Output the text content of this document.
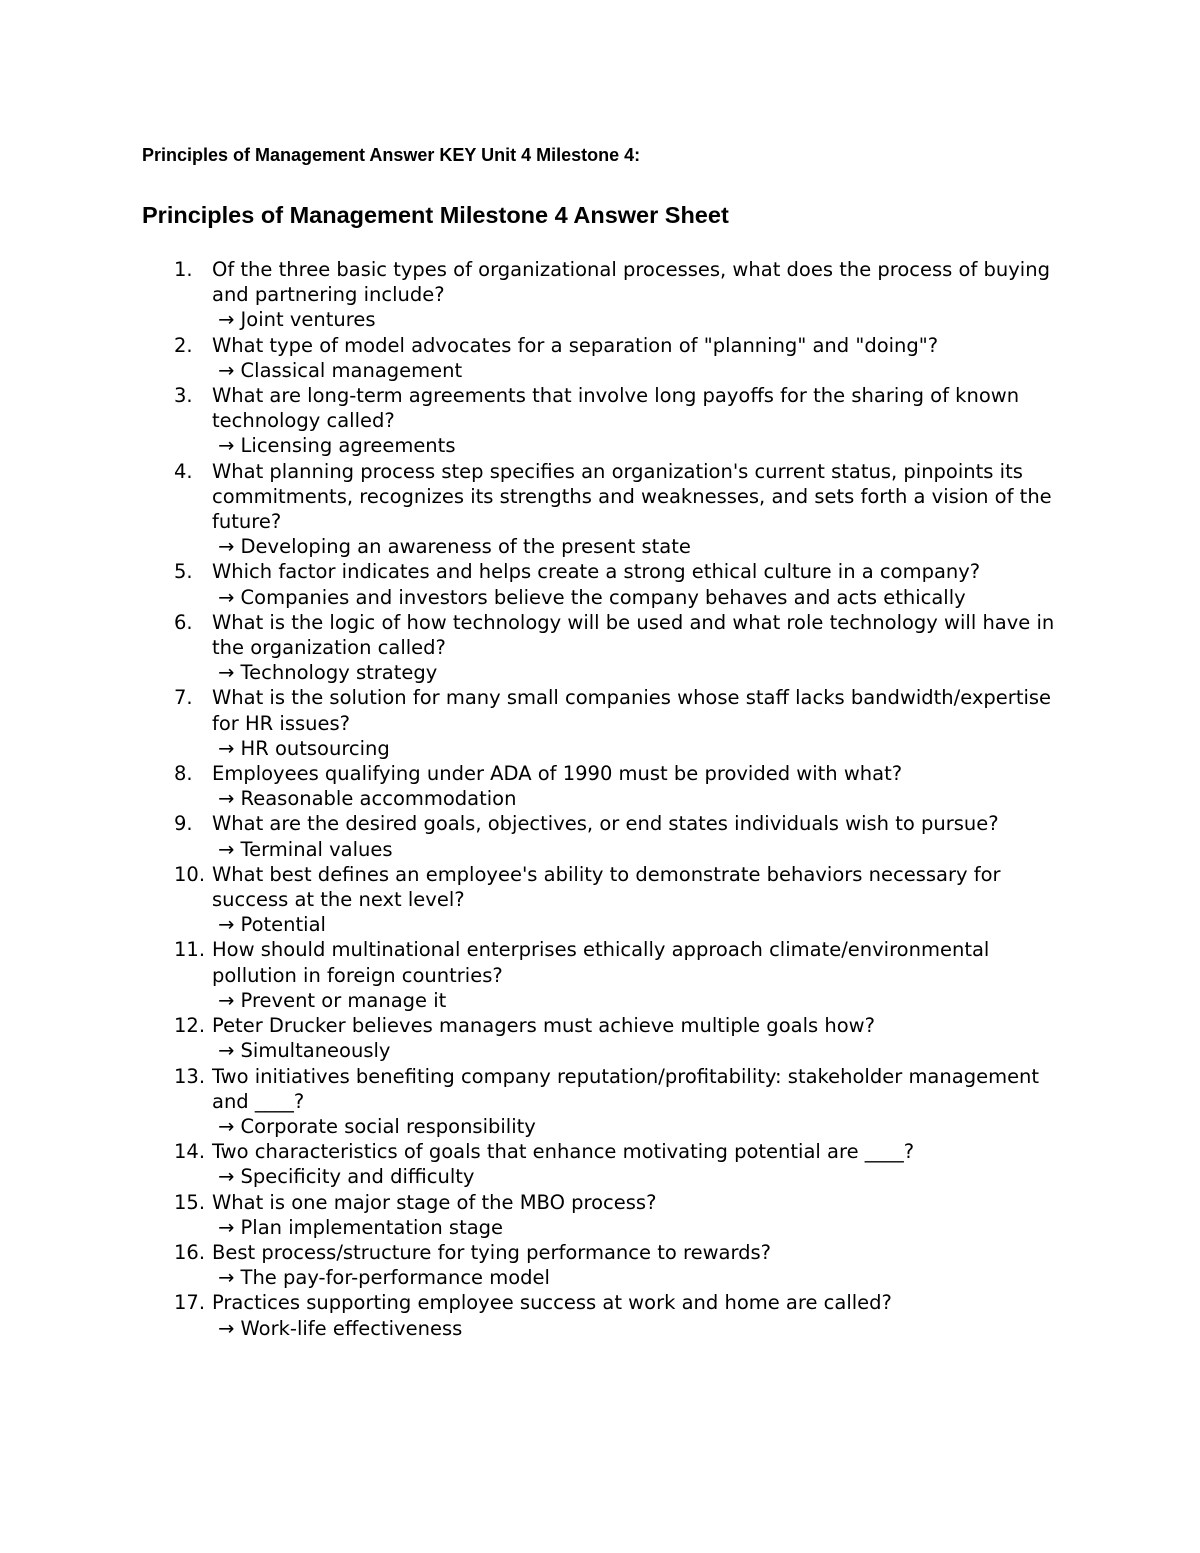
Principles of Management Answer KEY Unit 4 Milestone 4:
Principles of Management Milestone 4 Answer Sheet
1. Of the three basic types of organizational processes, what does the process of buying and partnering include?
→ Joint ventures
2. What type of model advocates for a separation of "planning" and "doing"?
→ Classical management
3. What are long-term agreements that involve long payoffs for the sharing of known technology called?
→ Licensing agreements
4. What planning process step specifies an organization's current status, pinpoints its commitments, recognizes its strengths and weaknesses, and sets forth a vision of the future?
→ Developing an awareness of the present state
5. Which factor indicates and helps create a strong ethical culture in a company?
→ Companies and investors believe the company behaves and acts ethically
6. What is the logic of how technology will be used and what role technology will have in the organization called?
→ Technology strategy
7. What is the solution for many small companies whose staff lacks bandwidth/expertise for HR issues?
→ HR outsourcing
8. Employees qualifying under ADA of 1990 must be provided with what?
→ Reasonable accommodation
9. What are the desired goals, objectives, or end states individuals wish to pursue?
→ Terminal values
10. What best defines an employee's ability to demonstrate behaviors necessary for success at the next level?
→ Potential
11. How should multinational enterprises ethically approach climate/environmental pollution in foreign countries?
→ Prevent or manage it
12. Peter Drucker believes managers must achieve multiple goals how?
→ Simultaneously
13. Two initiatives benefiting company reputation/profitability: stakeholder management and ____?
→ Corporate social responsibility
14. Two characteristics of goals that enhance motivating potential are ____?
→ Specificity and difficulty
15. What is one major stage of the MBO process?
→ Plan implementation stage
16. Best process/structure for tying performance to rewards?
→ The pay-for-performance model
17. Practices supporting employee success at work and home are called?
→ Work-life effectiveness
